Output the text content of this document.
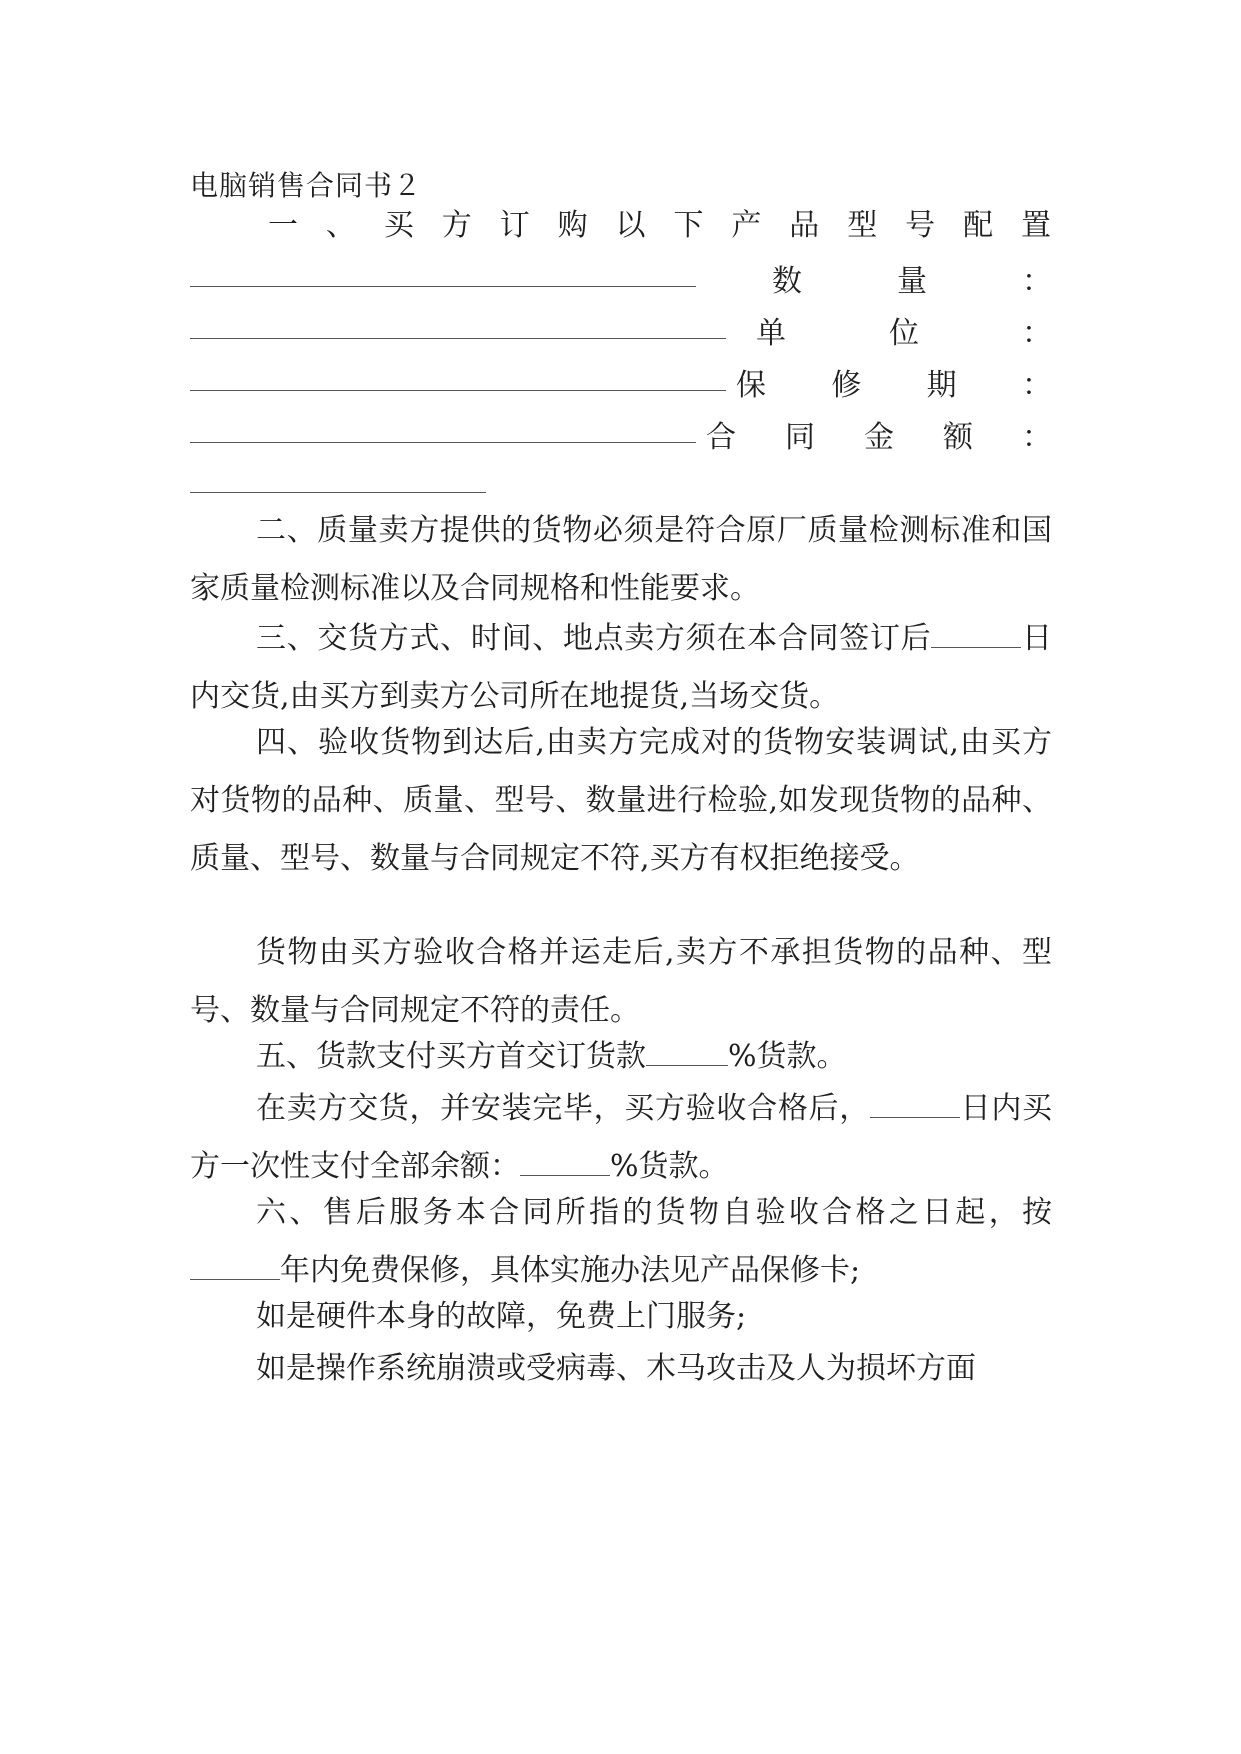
电脑销售合同书２
一 、 买 方 订 购 以 下 产 品 型 号 配 置
数	量	：
单	位	：
保 修 期 ：
合 同 金 额 ：
二、质量卖方提供的货物必须是符合原厂质量检测标准和国家质量检测标准以及合同规格和性能要求。
三、交货方式、时间、地点卖方须在本合同签订后	日内交货,由买方到卖方公司所在地提货,当场交货。
四、验收货物到达后,由卖方完成对的货物安装调试,由买方对货物的品种、质量、型号、数量进行检验,如发现货物的品种、质量、型号、数量与合同规定不符,买方有权拒绝接受。
货物由买方验收合格并运走后,卖方不承担货物的品种、型号、数量与合同规定不符的责任。
五、货款支付买方首交订货款	%货款。
在卖方交货，并安装完毕，买方验收合格后，	日内买方一次性支付全部余额：	%货款。
六、售后服务本合同所指的货物自验收合格之日起，按年内免费保修，具体实施办法见产品保修卡;
如是硬件本身的故障，免费上门服务;
如是操作系统崩溃或受病毒、木马攻击及人为损坏方面
